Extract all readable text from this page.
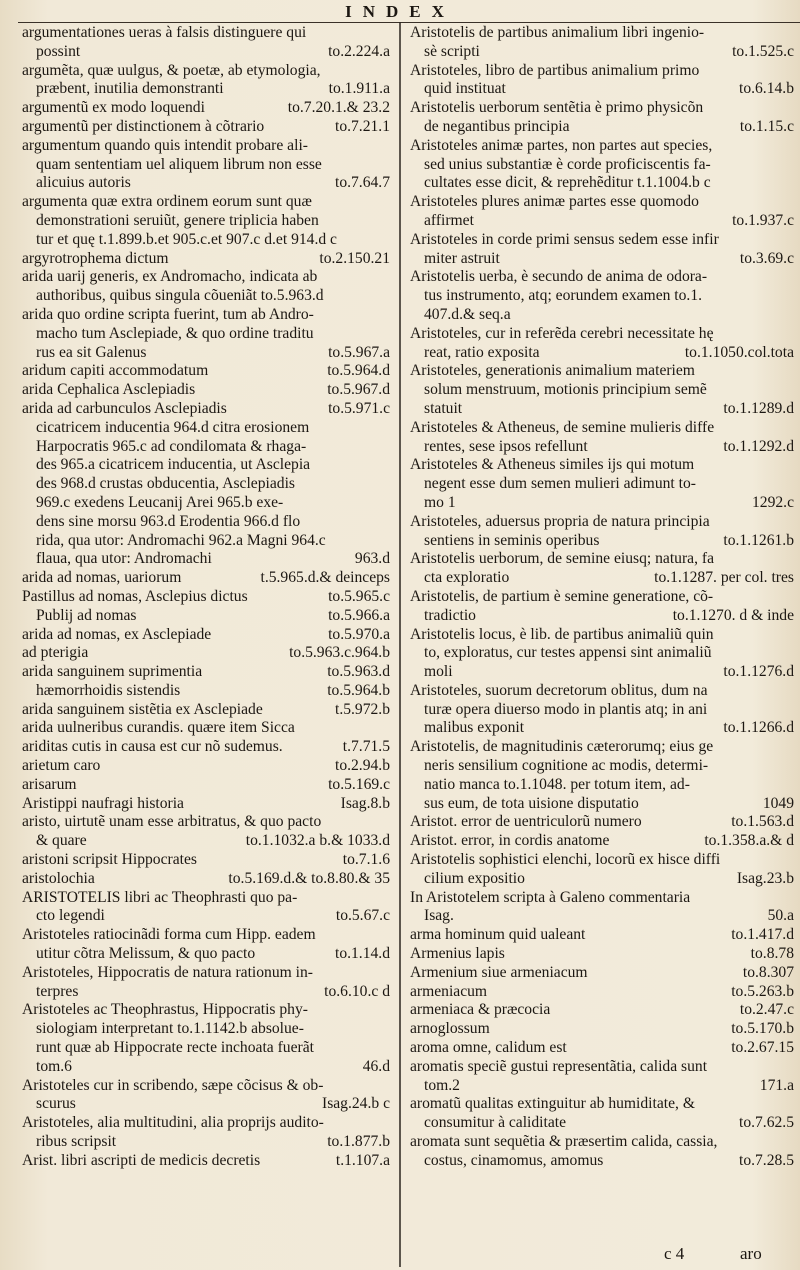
INDEX
argumentationes ueras à falsis distinguere qui
possint	to.2.224.a
argumẽta, quæ uulgus, & poetæ, ab etymologia,
præbent, inutilia demonstranti	to.1.911.a
argumentũ ex modo loquendi	to.7.20.1.& 23.2
argumentũ per distinctionem à cõtrario	to.7.21.1
argumentum quando quis intendit probare ali-
quam sententiam uel aliquem librum non esse
alicuius autoris	to.7.64.7
argumenta quæ extra ordinem eorum sunt quæ
demonstrationi seruiũt, genere triplicia haben
tur et quę t.1.899.b.et 905.c.et 907.c d.et 914.d c
argyrotrophema dictum	to.2.150.21
arida uarij generis, ex Andromacho, indicata ab
authoribus, quibus singula cõueniãt to.5.963.d
arida quo ordine scripta fuerint, tum ab Andro-
macho tum Asclepiade, & quo ordine traditu
rus ea sit Galenus	to.5.967.a
aridum capiti accommodatum	to.5.964.d
arida Cephalica Asclepiadis	to.5.967.d
arida ad carbunculos Asclepiadis	to.5.971.c
cicatricem inducentia 964.d citra erosionem
Harpocratis 965.c ad condilomata & rhaga-
des 965.a cicatricem inducentia, ut Asclepia
des 968.d crustas obducentia, Asclepiadis
969.c exedens Leucanij Arei 965.b exe-
dens sine morsu 963.d Erodentia 966.d flo
rida, qua utor: Andromachi 962.a Magni 964.c
flaua, qua utor: Andromachi	963.d
arida ad nomas, uariorum	t.5.965.d.& deinceps
Pastillus ad nomas, Asclepius dictus	to.5.965.c
Publij ad nomas	to.5.966.a
arida ad nomas, ex Asclepiade	to.5.970.a
ad pterigia	to.5.963.c.964.b
arida sanguinem suprimentia	to.5.963.d
hæmorrhoidis sistendis	to.5.964.b
arida sanguinem sistẽtia ex Asclepiade	t.5.972.b
arida uulneribus curandis. quære item Sicca
ariditas cutis in causa est cur nõ sudemus.	t.7.71.5
arietum caro	to.2.94.b
arisarum	to.5.169.c
Aristippi naufragi historia	Isag.8.b
aristo, uirtutẽ unam esse arbitratus, & quo pacto
& quare	to.1.1032.a b.& 1033.d
aristoni scripsit Hippocrates	to.7.1.6
aristolochia	to.5.169.d.& to.8.80.& 35
ARISTOTELIS libri ac Theophrasti quo pa-
cto legendi	to.5.67.c
Aristoteles ratiocinãdi forma cum Hipp. eadem
utitur cõtra Melissum, & quo pacto	to.1.14.d
Aristoteles, Hippocratis de natura rationum in-
terpres	to.6.10.c d
Aristoteles ac Theophrastus, Hippocratis phy-
siologiam interpretant to.1.1142.b absolue-
runt quæ ab Hippocrate recte inchoata fuerãt
tom.6	46.d
Aristoteles cur in scribendo, sæpe cõcisus & ob-
scurus	Isag.24.b c
Aristoteles, alia multitudini, alia proprijs audito-
ribus scripsit	to.1.877.b
Arist. libri ascripti de medicis decretis	t.1.107.a
Aristotelis de partibus animalium libri ingenio-
sè scripti	to.1.525.c
Aristoteles, libro de partibus animalium primo
quid instituat	to.6.14.b
Aristotelis uerborum sentẽtia è primo physicõn
de negantibus principia	to.1.15.c
Aristoteles animæ partes, non partes aut species,
sed unius substantiæ è corde proficiscentis fa-
cultates esse dicit, & reprehẽditur t.1.1004.b c
Aristoteles plures animæ partes esse quomodo
affirmet	to.1.937.c
Aristoteles in corde primi sensus sedem esse infir
miter astruit	to.3.69.c
Aristotelis uerba, è secundo de anima de odora-
tus instrumento, atq; eorundem examen to.1.
407.d.& seq.a
Aristoteles, cur in referẽda cerebri necessitate hę
reat, ratio exposita	to.1.1050.col.tota
Aristoteles, generationis animalium materiem
solum menstruum, motionis principium semẽ
statuit	to.1.1289.d
Aristoteles & Atheneus, de semine mulieris diffe
rentes, sese ipsos refellunt	to.1.1292.d
Aristoteles & Atheneus similes ijs qui motum
negent esse dum semen mulieri adimunt to-
mo 1	1292.c
Aristoteles, aduersus propria de natura principia
sentiens in seminis operibus	to.1.1261.b
Aristotelis uerborum, de semine eiusq; natura, fa
cta exploratio	to.1.1287. per col. tres
Aristotelis, de partium è semine generatione, cõ-
tradictio	to.1.1270. d & inde
Aristotelis locus, è lib. de partibus animaliũ quin
to, exploratus, cur testes appensi sint animaliũ
moli	to.1.1276.d
Aristoteles, suorum decretorum oblitus, dum na
turæ opera diuerso modo in plantis atq; in ani
malibus exponit	to.1.1266.d
Aristotelis, de magnitudinis cæterorumq; eius ge
neris sensilium cognitione ac modis, determi-
natio manca to.1.1048. per totum item, ad-
sus eum, de tota uisione disputatio	1049
Aristot. error de uentriculorũ numero	to.1.563.d
Aristot. error, in cordis anatome	to.1.358.a.& d
Aristotelis sophistici elenchi, locorũ ex hisce diffi
cilium expositio	Isag.23.b
In Aristotelem scripta à Galeno commentaria
Isag.	50.a
arma hominum quid ualeant	to.1.417.d
Armenius lapis	to.8.78
Armenium siue armeniacum	to.8.307
armeniacum	to.5.263.b
armeniaca & præcocia	to.2.47.c
arnoglossum	to.5.170.b
aroma omne, calidum est	to.2.67.15
aromatis speciẽ gustui representãtia, calida sunt
tom.2	171.a
aromatũ qualitas extinguitur ab humiditate, &
consumitur à caliditate	to.7.62.5
aromata sunt sequẽtia & præsertim calida, cassia,
costus, cinamomus, amomus	to.7.28.5
c 4	aro
